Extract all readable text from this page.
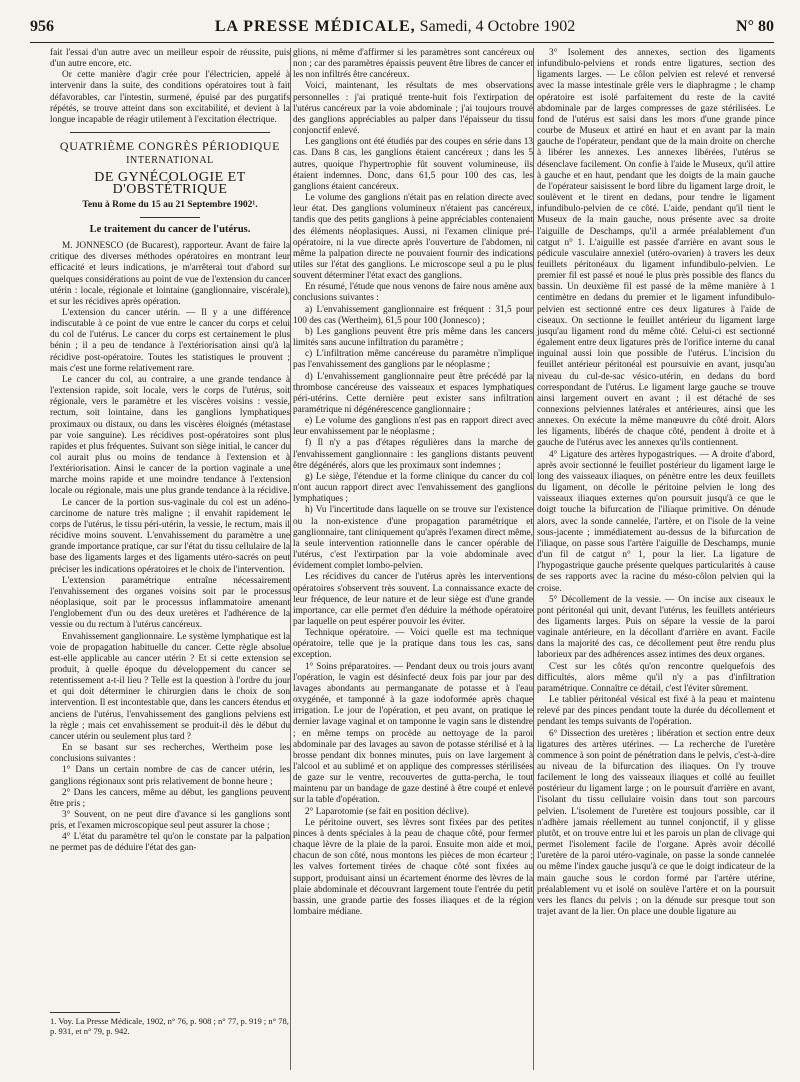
956	LA PRESSE MÉDICALE, Samedi, 4 Octobre 1902	N° 80

fait l'essai d'un autre avec un meilleur espoir de réussite, puis d'un autre encore, etc.

Or cette manière d'agir crée pour l'électricien, appelé à intervenir dans la suite, des conditions opératoires tout à fait défavorables, car l'intestin, surmené, épuisé par des purgatifs répétés, se trouve atteint dans son excitabilité, et devient à la longue incapable de réagir utilement à l'excitation électrique.

QUATRIÈME CONGRÈS PÉRIODIQUE
INTERNATIONAL
DE GYNÉCOLOGIE ET D'OBSTÉTRIQUE
Tenu à Rome du 15 au 21 Septembre 1902¹.
Le traitement du cancer de l'utérus.

M. JONNESCO (de Bucarest), rapporteur. Avant de faire la critique des diverses méthodes opératoires en montrant leur efficacité et leurs indications, je m'arrêterai tout d'abord sur quelques considérations au point de vue de l'extension du cancer utérin : locale, régionale et lointaine (ganglionnaire, viscérale), et sur les récidives après opération.

L'extension du cancer utérin. — Il y a une différence indiscutable à ce point de vue entre le cancer du corps et celui du col de l'utérus. Le cancer du corps est certainement le plus bénin ; il a peu de tendance à l'extériorisation ainsi qu'à la récidive post-opératoire. Toutes les statistiques le prouvent ; mais c'est une forme relativement rare.

Le cancer du col, au contraire, a une grande tendance à l'extension rapide, soit locale, vers le corps de l'utérus, soit régionale, vers le paramètre et les viscères voisins : vessie, rectum, soit lointaine, dans les ganglions lymphatiques proximaux ou distaux, ou dans les viscères éloignés (métastase par voie sanguine). Les récidives post-opératoires sont plus rapides et plus fréquentes. Suivant son siège initial, le cancer du col aurait plus ou moins de tendance à l'extension et à l'extériorisation. Ainsi le cancer de la portion vaginale a une marche moins rapide et une moindre tendance à l'extension locale ou régionale, mais une plus grande tendance à la récidive.

Le cancer de la portion sus-vaginale du col est un adéno-carcinome de nature très maligne ; il envahit rapidement le corps de l'utérus, le tissu péri-utérin, la vessie, le rectum, mais il récidive moins souvent. L'envahissement du paramètre a une grande importance pratique, car sur l'état du tissu cellulaire de la base des ligaments larges et des ligaments utéro-sacrés on peut préciser les indications opératoires et le choix de l'intervention.

L'extension paramétrique entraîne nécessairement l'envahissement des organes voisins soit par le processus néoplasique, soit par le processus inflammatoire amenant l'englobement d'un ou des deux uretères et l'adhérence de la vessie ou du rectum à l'utérus cancéreux.

Envahissement ganglionnaire. Le système lymphatique est la voie de propagation habituelle du cancer. Cette règle absolue est-elle applicable au cancer utérin ? Et si cette extension se produit, à quelle époque du développement du cancer se retentissement a-t-il lieu ? Telle est la question à l'ordre du jour et qui doit déterminer le chirurgien dans le choix de son intervention. Il est incontestable que, dans les cancers étendus et anciens de l'utérus, l'envahissement des ganglions pelviens est la règle ; mais cet envahissement se produit-il dès le début du cancer utérin ou seulement plus tard ?

En se basant sur ses recherches, Wertheim pose les conclusions suivantes :

1° Dans un certain nombre de cas de cancer utérin, les ganglions régionaux sont pris relativement de bonne heure ;

2° Dans les cancers, même au début, les ganglions peuvent être pris ;

3° Souvent, on ne peut dire d'avance si les ganglions sont pris, et l'examen microscopique seul peut assurer la chose ;

4° L'état du paramètre tel qu'on le constate par la palpation ne permet pas de déduire l'état des gan-

1. Voy. La Presse Médicale, 1902, n° 76, p. 908 ; n° 77, p. 919 ; n° 78, p. 931, et n° 79, p. 942.

glions, ni même d'affirmer si les paramètres sont cancéreux ou non ; car des paramètres épaissis peuvent être libres de cancer et les non infiltrés être cancéreux.

Voici, maintenant, les résultats de mes observations personnelles : j'ai pratiqué trente-huit fois l'extirpation de l'utérus cancéreux par la voie abdominale ; j'ai toujours trouvé des ganglions appréciables au palper dans l'épaisseur du tissu conjonctif enlevé.

Les ganglions ont été étudiés par des coupes en série dans 13 cas. Dans 8 cas, les ganglions étaient cancéreux ; dans les 5 autres, quoique l'hypertrophie fût souvent volumineuse, ils étaient indemnes. Donc, dans 61,5 pour 100 des cas, les ganglions étaient cancéreux.

Le volume des ganglions n'était pas en relation directe avec leur état. Des ganglions volumineux n'étaient pas cancéreux, tandis que des petits ganglions à peine appréciables contenaient des éléments néoplasiques. Aussi, ni l'examen clinique pré-opératoire, ni la vue directe après l'ouverture de l'abdomen, ni même la palpation directe ne pouvaient fournir des indications utiles sur l'état des ganglions. Le microscope seul a pu le plus souvent déterminer l'état exact des ganglions.

En résumé, l'étude que nous venons de faire nous amène aux conclusions suivantes :

a) L'envahissement ganglionnaire est fréquent : 31,5 pour 100 des cas (Wertheim), 61,5 pour 100 (Jonnesco) ;

b) Les ganglions peuvent être pris même dans les cancers limités sans aucune infiltration du paramètre ;

c) L'infiltration même cancéreuse du paramètre n'implique pas l'envahissement des ganglions par le néoplasme ;

d) L'envahissement ganglionnaire peut être précédé par la thrombose cancéreuse des vaisseaux et espaces lymphatiques péri-utérins. Cette dernière peut exister sans infiltration paramétrique ni dégénérescence ganglionnaire ;

e) Le volume des ganglions n'est pas en rapport direct avec leur envahissement par le néoplasme ;

f) Il n'y a pas d'étapes régulières dans la marche de l'envahissement ganglionnaire : les ganglions distants peuvent être dégénérés, alors que les proximaux sont indemnes ;

g) Le siège, l'étendue et la forme clinique du cancer du col n'ont aucun rapport direct avec l'envahissement des ganglions lymphatiques ;

h) Vu l'incertitude dans laquelle on se trouve sur l'existence ou la non-existence d'une propagation paramétrique et ganglionnaire, tant cliniquement qu'après l'examen direct même, la seule intervention rationnelle dans le cancer opérable de l'utérus, c'est l'extirpation par la voie abdominale avec évidement complet lombo-pelvien.

Les récidives du cancer de l'utérus après les interventions opératoires s'observent très souvent. La connaissance exacte de leur fréquence, de leur nature et de leur siège est d'une grande importance, car elle permet d'en déduire la méthode opératoire par laquelle on peut espérer pouvoir les éviter.

Technique opératoire. — Voici quelle est ma technique opératoire, telle que je la pratique dans tous les cas, sans exception.

1° Soins préparatoires. — Pendant deux ou trois jours avant l'opération, le vagin est désinfecté deux fois par jour par des lavages abondants au permanganate de potasse et à l'eau oxygénée, et tamponné à la gaze iodoformée après chaque irrigation. Le jour de l'opération, et peu avant, on pratique le dernier lavage vaginal et on tamponne le vagin sans le distendre ; en même temps on procède au nettoyage de la paroi abdominale par des lavages au savon de potasse stérilisé et à la brosse pendant dix bonnes minutes, puis on lave largement à l'alcool et au sublimé et on applique des compresses stérilisées de gaze sur le ventre, recouvertes de gutta-percha, le tout maintenu par un bandage de gaze destiné à être coupé et enlevé sur la table d'opération.

2° Laparotomie (se fait en position déclive).

Le péritoine ouvert, ses lèvres sont fixées par des petites pinces à dents spéciales à la peau de chaque côté, pour fermer chaque lèvre de la plaie de la paroi. Ensuite mon aide et moi, chacun de son côté, nous montons les pièces de mon écarteur ; les valves fortement tirées de chaque côté sont fixées au support, produisant ainsi un écartement énorme des lèvres de la plaie abdominale et découvrant largement toute l'entrée du petit bassin, une grande partie des fosses iliaques et de la région lombaire médiane.

3° Isolement des annexes, section des ligaments infundibulo-pelviens et ronds entre ligatures, section des ligaments larges. — Le côlon pelvien est relevé et renversé avec la masse intestinale grêle vers le diaphragme ; le champ opératoire est isolé parfaitement du reste de la cavité abdominale par de larges compresses de gaze stérilisées. Le fond de l'utérus est saisi dans les mors d'une grande pince courbe de Museux et attiré en haut et en avant par la main gauche de l'opérateur, pendant que de la main droite on cherche à libérer les annexes. Les annexes libérées, l'utérus se désenclave facilement. On confie à l'aide le Museux, qu'il attire à gauche et en haut, pendant que les doigts de la main gauche de l'opérateur saisissent le bord libre du ligament large droit, le soulèvent et le tirent en dedans, pour tendre le ligament infundibulo-pelvien de ce côté. L'aide, pendant qu'il tient le Museux de la main gauche, nous présente avec sa droite l'aiguille de Deschamps, qu'il a armée préalablement d'un catgut n° 1. L'aiguille est passée d'arrière en avant sous le pédicule vasculaire annexiel (utéro-ovarien) à travers les deux feuillets péritonéaux du ligament infundibulo-pelvien. Le premier fil est passé et noué le plus près possible des flancs du bassin. Un deuxième fil est passé de la même manière à 1 centimètre en dedans du premier et le ligament infundibulo-pelvien est sectionné entre ces deux ligatures à l'aide de ciseaux. On sectionne le feuillet antérieur du ligament large jusqu'au ligament rond du même côté. Celui-ci est sectionné également entre deux ligatures près de l'orifice interne du canal inguinal aussi loin que possible de l'utérus. L'incision du feuillet antérieur péritonéal est poursuivie en avant, jusqu'au niveau du cul-de-sac vésico-utérin, en dedans du bord correspondant de l'utérus. Le ligament large gauche se trouve ainsi largement ouvert en avant ; il est détaché de ses connexions pelviennes latérales et antérieures, ainsi que les annexes. On exécute la même manœuvre du côté droit. Alors les ligaments, libérés de chaque côté, pendent à droite et à gauche de l'utérus avec les annexes qu'ils contiennent.

4° Ligature des artères hypogastriques. — A droite d'abord, après avoir sectionné le feuillet postérieur du ligament large le long des vaisseaux iliaques, on pénètre entre les deux feuillets du ligament, on décolle le péritoine pelvien le long des vaisseaux iliaques externes qu'on poursuit jusqu'à ce que le doigt touche la bifurcation de l'iliaque primitive. On dénude alors, avec la sonde cannelée, l'artère, et on l'isole de la veine sous-jacente ; immédiatement au-dessus de la bifurcation de l'iliaque, on passe sous l'artère l'aiguille de Deschamps, munie d'un fil de catgut n° 1, pour la lier. La ligature de l'hypogastrique gauche présente quelques particularités à cause de ses rapports avec la racine du méso-côlon pelvien qui la croise.

5° Décollement de la vessie. — On incise aux ciseaux le pont péritonéal qui unit, devant l'utérus, les feuillets antérieurs des ligaments larges. Puis on sépare la vessie de la paroi vaginale antérieure, en la décollant d'arrière en avant. Facile dans la majorité des cas, ce décollement peut être rendu plus laborieux par des adhérences assez intimes des deux organes.

C'est sur les côtés qu'on rencontre quelquefois des difficultés, alors même qu'il n'y a pas d'infiltration paramétrique. Connaître ce détail, c'est l'éviter sûrement.

Le tablier péritonéal vésical est fixé à la peau et maintenu relevé par des pinces pendant toute la durée du décollement et pendant les temps suivants de l'opération.

6° Dissection des uretères ; libération et section entre deux ligatures des artères utérines. — La recherche de l'uretère commence à son point de pénétration dans le pelvis, c'est-à-dire au niveau de la bifurcation des iliaques. On l'y trouve facilement le long des vaisseaux iliaques et collé au feuillet postérieur du ligament large ; on le poursuit d'arrière en avant, l'isolant du tissu cellulaire voisin dans tout son parcours pelvien. L'isolement de l'uretère est toujours possible, car il n'adhère jamais réellement au tunnel conjonctif, il y glisse plutôt, et on trouve entre lui et les parois un plan de clivage qui permet l'isolement facile de l'organe. Après avoir décollé l'uretère de la paroi utéro-vaginale, on passe la sonde cannelée ou même l'index gauche jusqu'à ce que le doigt indicateur de la main gauche sous le cordon formé par l'artère utérine, préalablement vu et isolé on soulève l'artère et on la poursuit vers les flancs du pelvis ; on la dénude sur presque tout son trajet avant de la lier. On place une double ligature au
